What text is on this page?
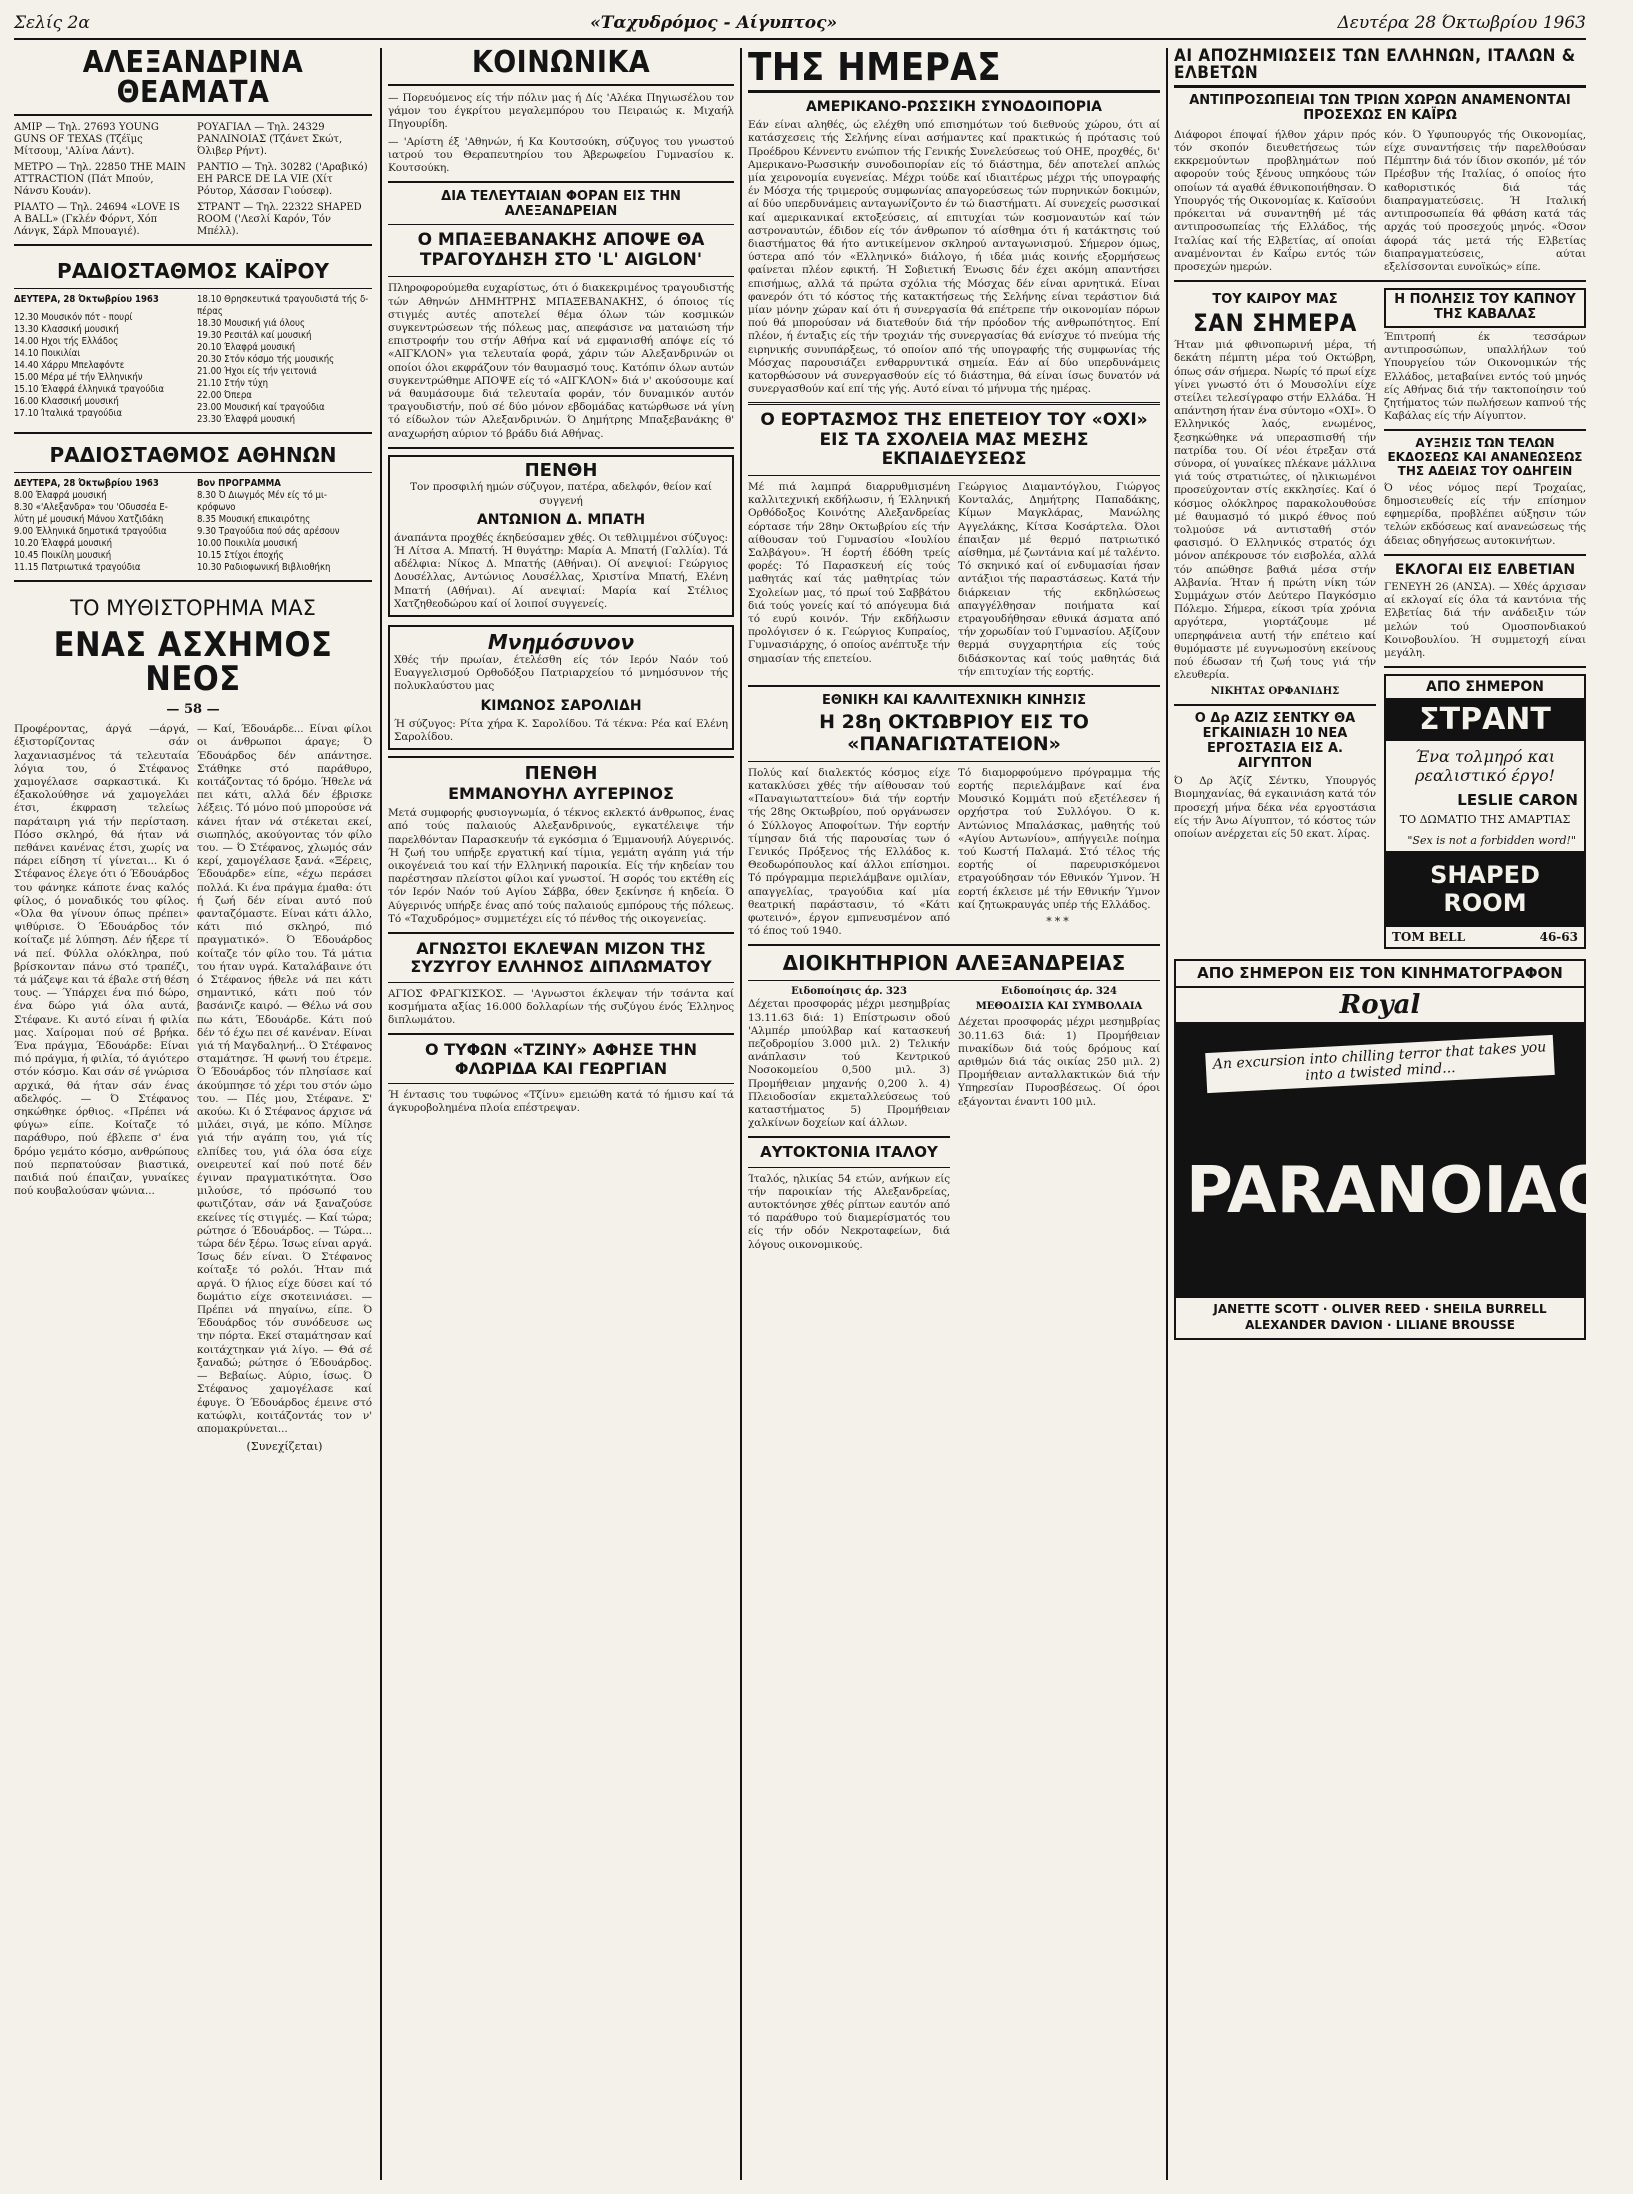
Σελίς 2α	«Ταχυδρόμος - Αίγυπτος»	Δευτέρα 28 Όκτωβρίου 1963
ΑΛΕΞΑΝΔΡΙΝΑ ΘΕΑΜΑΤΑ
ΑΜΙΡ — Τηλ. 27693 YOUNG GUNS OF TEXAS (Τζέϊμς Μίτσουμ, 'Αλίνα Λάντ).
ΜΕΤΡΟ — Τηλ. 22850 THE MAIN ATTRACTION (Πάτ Μπούν, Νάνσυ Κουάν).
ΡΙΑΛΤΟ — Τηλ. 24694 «LOVE IS A BALL» (Γκλέν Φόρντ, Χόπ Λάνγκ, Σάρλ Μπουαγιέ).
ΡΟΥΑΓΙΑΛ — Τηλ. 24329 ΡΑΝΛΙΝΟΙΑΣ (Τζάνετ Σκώτ, Όλιβερ Ρήντ).
ΡΑΝΤΙΟ — Τηλ. 30282 ('Αραβικό) ΕΗ PARCE DE LA VIE (Χίτ Ρόυτορ, Χάσσαν Γιούσεφ).
ΣΤΡΑΝΤ — Τηλ. 22322 SHAPED ROOM ('Λεσλί Καρόν, Τόν Μπέλλ).
ΡΑΔΙΟΣΤΑΘΜΟΣ ΚΑΪΡΟΥ
ΔΕΥΤΕΡΑ, 28 Όκτωβρίου 1963
12.30 Μουσικόν πότ - πουρί
13.30 Κλασσική μουσική
14.00 Ηχοι τής Ελλάδος
14.10 Ποικιλίαι
14.40 Χάρρυ Μπελαφόντε
15.00 Μέρα μέ τήν Έλληνικήν
15.10 Έλαφρά έλληνικά τραγούδια
16.00 Κλασσική μουσική
17.10 Ίταλικά τραγούδια
18.10 Θρησκευτικά τραγουδιστά τής δ-
πέρας
18.30 Μουσική γιά όλους
19.30 Ρεσιτάλ καί μουσική
20.10 Έλαφρά μουσική
20.30 Στόν κόσμο τής μουσικής
21.00 Ήχοι είς τήν γειτονιά
21.10 Στήν τύχη
22.00 Όπερα
23.00 Μουσική καί τραγούδια
23.30 Έλαφρά μουσική
ΡΑΔΙΟΣΤΑΘΜΟΣ ΑΘΗΝΩΝ
ΔΕΥΤΕΡΑ, 28 Όκτωβρίου 1963
8.00 Έλαφρά μουσική
8.30 «'Αλεξανδρα» του 'Οδυσσέα Ε-
λύτη μέ μουσική Μάνου Χατζιδάκη
9.00 Έλληνικά δημοτικά τραγούδια
10.20 Έλαφρά μουσική
10.45 Ποικίλη μουσική
11.15 Πατριωτικά τραγούδια
Βον ΠΡΟΓΡΑΜΜΑ
8.30 Ό Διωγμός Μέν είς τό μι-
κρόφωνο
8.35 Μουσική επικαιρότης
9.30 Τραγούδια πού σάς αρέσουν
10.00 Ποικιλία μουσική
10.15 Στίχοι έποχής
10.30 Ραδιοφωνική Βιβλιοθήκη
ΤΟ ΜΥΘΙΣΤΟΡΗΜΑ ΜΑΣ
ΕΝΑΣ ΑΣΧΗΜΟΣ ΝΕΟΣ
— 58 —
Προφέροντας, άργά —άργά, έξιστορίζοντας σάν λαχανιασμένος τά τελευταία λόγια του, ό Στέφανος χαμογέλασε σαρκαστικά. Κι έξακολούθησε νά χαμογελάει έτσι, έκφραση τελείως παράταιρη γιά τήν περίσταση. Πόσο σκληρό, θά ήταν νά πεθάνει κανένας έτσι, χωρίς να πάρει είδηση τί γίνεται... Κι ό Στέφανος έλεγε ότι ό Έδουάρδος του φάνηκε κάποτε ένας καλός φίλος, ό μοναδικός του φίλος. «Όλα θα γίνουν όπως πρέπει» ψιθύρισε. Ό Έδουάρδος τόν κοίταζε μέ λύπηση. Δέν ήξερε τί νά πεί. Φύλλα ολόκληρα, πού βρίσκονταν πάνω στό τραπέζι, τά μάζεψε και τά έβαλε στή θέση τους. — Ύπάρχει ένα πιό δώρο, ένα δώρο γιά όλα αυτά, Στέφανε. Κι αυτό είναι ή φιλία μας. Χαίρομαι πού σέ βρήκα. Ένα πράγμα, Έδουάρδε: Είναι πιό πράγμα, ή φιλία, τό άγιότερο στόν κόσμο. Και σάν σέ γνώρισα αρχικά, θά ήταν σάν ένας αδελφός. — Ό Στέφανος σηκώθηκε όρθιος. «Πρέπει νά φύγω» είπε. Κοίταζε τό παράθυρο, πού έβλεπε σ' ένα δρόμο γεμάτο κόσμο, ανθρώπους πού περπατούσαν βιαστικά, παιδιά πού έπαιζαν, γυναίκες πού κουβαλούσαν ψώνια...
— Καί, Έδουάρδε... Είναι φίλοι οι άνθρωποι άραγε; Ό Έδουάρδος δέν απάντησε. Στάθηκε στό παράθυρο, κοιτάζοντας τό δρόμο. Ήθελε νά πει κάτι, αλλά δέν έβρισκε λέξεις. Τό μόνο πού μπορούσε νά κάνει ήταν νά στέκεται εκεί, σιωπηλός, ακούγοντας τόν φίλο του. — Ό Στέφανος, χλωμός σάν κερί, χαμογέλασε ξανά. «Ξέρεις, Έδουάρδε» είπε, «έχω περάσει πολλά. Κι ένα πράγμα έμαθα: ότι ή ζωή δέν είναι αυτό πού φανταζόμαστε. Είναι κάτι άλλο, κάτι πιό σκληρό, πιό πραγματικό». Ό Έδουάρδος κοίταζε τόν φίλο του. Τά μάτια του ήταν υγρά. Καταλάβαινε ότι ό Στέφανος ήθελε νά πει κάτι σημαντικό, κάτι πού τόν βασάνιζε καιρό. — Θέλω νά σου πω κάτι, Έδουάρδε. Κάτι πού δέν τό έχω πει σέ κανέναν. Είναι γιά τή Μαγδαληνή... Ό Στέφανος σταμάτησε. Ή φωνή του έτρεμε. Ό Έδουάρδος τόν πλησίασε καί άκούμπησε τό χέρι του στόν ώμο του. — Πές μου, Στέφανε. Σ' ακούω. Κι ό Στέφανος άρχισε νά μιλάει, σιγά, με κόπο. Μίλησε γιά τήν αγάπη του, γιά τίς ελπίδες του, γιά όλα όσα είχε ονειρευτεί καί πού ποτέ δέν έγιναν πραγματικότητα. Όσο μιλούσε, τό πρόσωπό του φωτιζόταν, σάν νά ξαναζούσε εκείνες τίς στιγμές. — Καί τώρα; ρώτησε ό Έδουάρδος. — Τώρα... τώρα δέν ξέρω. Ίσως είναι αργά. Ίσως δέν είναι. Ό Στέφανος κοίταξε τό ρολόι. Ήταν πιά αργά. Ό ήλιος είχε δύσει καί τό δωμάτιο είχε σκοτεινιάσει. — Πρέπει νά πηγαίνω, είπε. Ό Έδουάρδος τόν συνόδευσε ως την πόρτα. Εκεί σταμάτησαν καί κοιτάχτηκαν γιά λίγο. — Θά σέ ξαναδώ; ρώτησε ό Έδουάρδος. — Βεβαίως. Αύριο, ίσως. Ό Στέφανος χαμογέλασε καί έφυγε. Ό Έδουάρδος έμεινε στό κατώφλι, κοιτάζοντάς τον ν' απομακρύνεται...
(Συνεχίζεται)
ΚΟΙΝΩΝΙΚΑ
— Πορευόμενος είς τήν πόλιν μας ή Δίς 'Αλέκα Πηγιωσέλου τον γάμον του έγκρίτου μεγαλεμπόρου του Πειραιώς κ. Μιχαήλ Πηγουρίδη.
— 'Αρίστη έξ 'Αθηνών, ή Κα Κουτσούκη, σύζυγος του γνωστού ιατρού του Θεραπευτηρίου του Άβερωφείου Γυμνασίου κ. Κουτσούκη.
ΔΙΑ ΤΕΛΕΥΤΑΙΑΝ ΦΟΡΑΝ ΕΙΣ ΤΗΝ ΑΛΕΞΑΝΔΡΕΙΑΝ
Ο ΜΠΑΞΕΒΑΝΑΚΗΣ ΑΠΟΨΕ ΘΑ ΤΡΑΓΟΥΔΗΣΗ ΣΤΟ 'L' AIGLON'
Πληροφορούμεθα ευχαρίστως, ότι ό διακεκριμένος τραγουδιστής τών Αθηνών ΔΗΜΗΤΡΗΣ ΜΠΑΞΕΒΑΝΑΚΗΣ, ό όποιος τίς στιγμές αυτές αποτελεί θέμα όλων τών κοσμικών συγκεντρώσεων τής πόλεως μας, απεφάσισε να ματαιώση τήν επιστροφήν του στήν Αθήνα καί νά εμφανισθή απόψε είς τό «ΑΙΓΚΛΟΝ» για τελευταία φορά, χάριν τών Αλεξανδρινών οι οποίοι όλοι εκφράζουν τόν θαυμασμό τους. Κατόπιν όλων αυτών συγκεντρώθημε ΑΠΟΨΕ είς τό «ΑΙΓΚΛΟΝ» διά ν' ακούσουμε καί νά θαυμάσουμε διά τελευταία φοράν, τόν δυναμικόν αυτόν τραγουδιστήν, πού σέ δύο μόνον εβδομάδας κατώρθωσε νά γίνη τό είδωλον τών Αλεξανδρινών. Ό Δημήτρης Μπαξεβανάκης θ' αναχωρήση αύριον τό βράδυ διά Αθήνας.
ΠΕΝΘΗ
Τον προσφιλή ημών σύζυγον, πατέρα, αδελφόν, θείον καί συγγενή
ΑΝΤΩΝΙΟΝ Δ. ΜΠΑΤΗ
άναπάντα προχθές έκηδεύσαμεν χθές. Οι τεθλιμμένοι σύζυγος: Ή Λίτσα Α. Μπατή. Ή θυγάτηρ: Μαρία Α. Μπατή (Γαλλία). Τά αδέλφια: Νίκος Δ. Μπατής (Αθήναι). Οί ανεψιοί: Γεώργιος Δουσέλλας, Αντώνιος Λουσέλλας, Χριστίνα Μπατή, Ελένη Μπατή (Αθήναι). Αί ανεψιαί: Μαρία καί Στέλιος Χατζηθεοδώρου καί οί λοιποί συγγενείς.
Μνημόσυνον
Χθές τήν πρωίαν, έτελέσθη είς τόν Ιερόν Ναόν τού Ευαγγελισμού Ορθοδόξου Πατριαρχείου τό μνημόσυνον τής πολυκλαύστου μας
ΚΙΜΩΝΟΣ ΣΑΡΟΛΙΔΗ
Ή σύζυγος: Ρίτα χήρα Κ. Σαρολίδου. Τά τέκνα: Ρέα καί Ελένη Σαρολίδου.
ΠΕΝΘΗ
ΕΜΜΑΝΟΥΗΛ ΑΥΓΕΡΙΝΟΣ
Μετά συμφορής φυσιογνωμία, ό τέκνος εκλεκτό άνθρωπος, ένας από τούς παλαιούς Αλεξανδρινούς, εγκατέλειψε τήν παρελθόνταν Παρασκευήν τά εγκόσμια ό Έμμανουήλ Αύγερινός. Ή ζωή του υπήρξε εργατική καί τίμια, γεμάτη αγάπη γιά τήν οικογένειά του καί τήν Ελληνική παροικία. Είς τήν κηδείαν του παρέστησαν πλείστοι φίλοι καί γνωστοί. Ή σορός του εκτέθη είς τόν Ιερόν Ναόν τού Αγίου Σάββα, όθεν ξεκίνησε ή κηδεία. Ό Αύγερινός υπήρξε ένας από τούς παλαιούς εμπόρους τής πόλεως. Τό «Ταχυδρόμος» συμμετέχει είς τό πένθος τής οικογενείας.
ΑΓΝΩΣΤΟΙ ΕΚΛΕΨΑΝ ΜΙΖΟΝ ΤΗΣ ΣΥΖΥΓΟΥ ΕΛΛΗΝΟΣ ΔΙΠΛΩΜΑΤΟΥ
ΑΓΙΟΣ ΦΡΑΓΚΙΣΚΟΣ. — 'Αγνωστοι έκλεψαν τήν τσάντα καί κοσμήματα αξίας 16.000 δολλαρίων τής συζύγου ένός Έλληνος διπλωμάτου.
Ο ΤΥΦΩΝ «ΤΖΙΝΥ» ΑΦΗΣΕ ΤΗΝ ΦΛΩΡΙΔΑ ΚΑΙ ΓΕΩΡΓΙΑΝ
Ή έντασις του τυφώνος «Τζίνυ» εμειώθη κατά τό ήμισυ καί τά άγκυροβολημένα πλοία επέστρεψαν.
ΤΗΣ ΗΜΕΡΑΣ
ΑΜΕΡΙΚΑΝΟ-ΡΩΣΣΙΚΗ ΣΥΝΟΔΟΙΠΟΡΙΑ
Εάν είναι αληθές, ώς ελέχθη υπό επισημότων τού διεθνούς χώρου, ότι αί κατάσχεσεις τής Σελήνης είναι ασήμαντες καί πρακτικώς ή πρότασις τού Προέδρου Κέννεντυ ενώπιον τής Γενικής Συνελεύσεως τού ΟΗΕ, προχθές, δι' Αμερικανο-Ρωσσικήν συνοδοιπορίαν είς τό διάστημα, δέν αποτελεί απλώς μία χειρονομία ευγενείας. Μέχρι τούδε καί ιδιαιτέρως μέχρι τής υπογραφής έν Μόσχα τής τριμερούς συμφωνίας απαγορεύσεως τών πυρηνικών δοκιμών, αί δύο υπερδυνάμεις ανταγωνίζοντο έν τώ διαστήματι. Αί συνεχείς ρωσσικαί καί αμερικανικαί εκτοξεύσεις, αί επιτυχίαι τών κοσμοναυτών καί τών αστροναυτών, έδιδον είς τόν άνθρωπον τό αίσθημα ότι ή κατάκτησις τού διαστήματος θά ήτο αντικείμενον σκληρού ανταγωνισμού. Σήμερον όμως, ύστερα από τόν «Ελληνικό» διάλογο, ή ιδέα μιάς κοινής εξορμήσεως φαίνεται πλέον εφικτή. Ή Σοβιετική Ένωσις δέν έχει ακόμη απαντήσει επισήμως, αλλά τά πρώτα σχόλια τής Μόσχας δέν είναι αρνητικά. Είναι φανερόν ότι τό κόστος τής κατακτήσεως τής Σελήνης είναι τεράστιον διά μίαν μόνην χώραν καί ότι ή συνεργασία θά επέτρεπε τήν οικονομίαν πόρων πού θά μπορούσαν νά διατεθούν διά τήν πρόοδον τής ανθρωπότητος. Επί πλέον, ή ένταξις είς τήν τροχιάν τής συνεργασίας θά ενίσχυε τό πνεύμα τής ειρηνικής συνυπάρξεως, τό οποίον από τής υπογραφής τής συμφωνίας τής Μόσχας παρουσιάζει ενθαρρυντικά σημεία. Εάν αί δύο υπερδυνάμεις κατορθώσουν νά συνεργασθούν είς τό διάστημα, θά είναι ίσως δυνατόν νά συνεργασθούν καί επί τής γής. Αυτό είναι τό μήνυμα τής ημέρας.
Ο ΕΟΡΤΑΣΜΟΣ ΤΗΣ ΕΠΕΤΕΙΟΥ ΤΟΥ «ΟΧΙ» ΕΙΣ ΤΑ ΣΧΟΛΕΙΑ ΜΑΣ ΜΕΣΗΣ ΕΚΠΑΙΔΕΥΣΕΩΣ
Μέ πιά λαμπρά διαρρυθμισμένη καλλιτεχνική εκδήλωσιν, ή Έλληνική Ορθόδοξος Κοινότης Αλεξανδρείας εόρτασε τήν 28ην Οκτωβρίου είς τήν αίθουσαν τού Γυμνασίου «Ιουλίου Σαλβάγου». Ή έορτή έδόθη τρείς φορές: Τό Παρασκευή είς τούς μαθητάς καί τάς μαθητρίας τών Σχολείων μας, τό πρωί τού Σαββάτου διά τούς γονείς καί τό απόγευμα διά τό ευρύ κοινόν. Τήν εκδήλωσιν προλόγισεν ό κ. Γεώργιος Κυπραίος, Γυμνασιάρχης, ό οποίος ανέπτυξε τήν σημασίαν τής επετείου.
Γεώργιος Διαμαντόγλου, Γιώργος Κονταλάς, Δημήτρης Παπαδάκης, Κίμων Μαγκλάρας, Μανώλης Αγγελάκης, Κίτσα Κοσάρτελα. Όλοι έπαιξαν μέ θερμό πατριωτικό αίσθημα, μέ ζωντάνια καί μέ ταλέντο. Τό σκηνικό καί οί ενδυμασίαι ήσαν αντάξιοι τής παραστάσεως. Κατά τήν διάρκειαν τής εκδηλώσεως απαγγέλθησαν ποιήματα καί ετραγουδήθησαν εθνικά άσματα από τήν χορωδίαν τού Γυμνασίου. Αξίζουν θερμά συγχαρητήρια είς τούς διδάσκοντας καί τούς μαθητάς διά τήν επιτυχίαν τής εορτής.
ΕΘΝΙΚΗ ΚΑΙ ΚΑΛΛΙΤΕΧΝΙΚΗ ΚΙΝΗΣΙΣ
Η 28η ΟΚΤΩΒΡΙΟΥ ΕΙΣ ΤΟ «ΠΑΝΑΓΙΩΤΑΤΕΙΟΝ»
Πολύς καί διαλεκτός κόσμος είχε κατακλύσει χθές τήν αίθουσαν τού «Παναγιωταττείου» διά τήν εορτήν τής 28ης Οκτωβρίου, πού οργάνωσεν ό Σύλλογος Αποφοίτων. Τήν εορτήν τίμησαν διά τής παρουσίας των ό Γενικός Πρόξενος τής Ελλάδος κ. Θεοδωρόπουλος καί άλλοι επίσημοι. Τό πρόγραμμα περιελάμβανε ομιλίαν, απαγγελίας, τραγούδια καί μία θεατρική παράστασιν, τό «Κάτι φωτεινό», έργον εμπνευσμένον από τό έπος τού 1940.
Τό διαμορφούμενο πρόγραμμα τής εορτής περιελάμβανε καί ένα Μουσικό Κομμάτι πού εξετέλεσεν ή ορχήστρα τού Συλλόγου. Ό κ. Αντώνιος Μπαλάσκας, μαθητής τού «Αγίου Αντωνίου», απήγγειλε ποίημα τού Κωστή Παλαμά. Στό τέλος τής εορτής οί παρευρισκόμενοι ετραγούδησαν τόν Εθνικόν Ύμνον. Ή εορτή έκλεισε μέ τήν Εθνικήν Ύμνον καί ζητωκραυγάς υπέρ τής Ελλάδος.
***
ΔΙΟΙΚΗΤΗΡΙΟΝ ΑΛΕΞΑΝΔΡΕΙΑΣ
Ειδοποίησις άρ. 323
Δέχεται προσφοράς μέχρι μεσημβρίας 13.11.63 διά: 1) Επίστρωσιν οδού 'Αλμπέρ μπούλβαρ καί κατασκευή πεζοδρομίου 3.000 μιλ. 2) Τελικήν ανάπλασιν τού Κεντρικού Νοσοκομείου 0,500 μιλ. 3) Προμήθειαν μηχανής 0,200 λ. 4) Πλειοδοσίαν εκμεταλλεύσεως τού καταστήματος 5) Προμήθειαν χαλκίνων δοχείων καί άλλων.
ΑΥΤΟΚΤΟΝΙΑ ΙΤΑΛΟΥ
Ίταλός, ηλικίας 54 ετών, ανήκων είς τήν παροικίαν τής Αλεξανδρείας, αυτοκτόνησε χθές ρίπτων εαυτόν από τό παράθυρο τού διαμερίσματός του είς τήν οδόν Νεκροταφείων, διά λόγους οικονομικούς.
Ειδοποίησις άρ. 324
ΜΕΘΟΔΙΣΙΑ ΚΑΙ ΣΥΜΒΟΛΑΙΑ
Δέχεται προσφοράς μέχρι μεσημβρίας 30.11.63 διά: 1) Προμήθειαν πινακίδων διά τούς δρόμους καί αριθμών διά τάς οικίας 250 μιλ. 2) Προμήθειαν ανταλλακτικών διά τήν Υπηρεσίαν Πυροσβέσεως. Οί όροι εξάγονται έναντι 100 μιλ.
ΑΙ ΑΠΟΖΗΜΙΩΣΕΙΣ ΤΩΝ ΕΛΛΗΝΩΝ, ΙΤΑΛΩΝ & ΕΛΒΕΤΩΝ
ΑΝΤΙΠΡΟΣΩΠΕΙΑΙ ΤΩΝ ΤΡΙΩΝ ΧΩΡΩΝ ΑΝΑΜΕΝΟΝΤΑΙ ΠΡΟΣΕΧΩΣ ΕΝ ΚΑΪΡΩ
Διάφοροι έποψαί ήλθον χάριν πρός τόν σκοπόν διευθετήσεως τών εκκρεμούντων προβλημάτων πού αφορούν τούς ξένους υπηκόους τών οποίων τά αγαθά έθνικοποιήθησαν. Ό Υπουργός τής Οικονομίας κ. Καϊσούνι πρόκειται νά συναντηθή μέ τάς αντιπροσωπείας τής Ελλάδος, τής Ιταλίας καί τής Ελβετίας, αί οποίαι αναμένονται έν Καΐρω εντός τών προσεχών ημερών.
κόν. Ό Υφυπουργός τής Οικονομίας, είχε συναντήσεις τήν παρελθούσαν Πέμπτην διά τόν ίδιον σκοπόν, μέ τόν Πρέσβυν τής Ιταλίας, ό οποίος ήτο καθοριστικός διά τάς διαπραγματεύσεις. Ή Ιταλική αντιπροσωπεία θά φθάση κατά τάς αρχάς τού προσεχούς μηνός. «Όσον άφορά τάς μετά τής Ελβετίας διαπραγματεύσεις, αύται εξελίσσονται ευνοϊκώς» είπε.
ΤΟΥ ΚΑΙΡΟΥ ΜΑΣ
ΣΑΝ ΣΗΜΕΡΑ
Ήταν μιά φθινοπωρινή μέρα, τή δεκάτη πέμπτη μέρα τού Οκτώβρη, όπως σάν σήμερα. Νωρίς τό πρωί είχε γίνει γνωστό ότι ό Μουσολίνι είχε στείλει τελεσίγραφο στήν Ελλάδα. Ή απάντηση ήταν ένα σύντομο «ΟΧΙ». Ό Ελληνικός λαός, ενωμένος, ξεσηκώθηκε νά υπερασπισθή τήν πατρίδα του. Οί νέοι έτρεξαν στά σύνορα, οί γυναίκες πλέκανε μάλλινα γιά τούς στρατιώτες, οί ηλικιωμένοι προσεύχονταν στίς εκκλησίες. Καί ό κόσμος ολόκληρος παρακολουθούσε μέ θαυμασμό τό μικρό έθνος πού τολμούσε νά αντισταθή στόν φασισμό. Ό Ελληνικός στρατός όχι μόνον απέκρουσε τόν εισβολέα, αλλά τόν απώθησε βαθιά μέσα στήν Αλβανία. Ήταν ή πρώτη νίκη τών Συμμάχων στόν Δεύτερο Παγκόσμιο Πόλεμο. Σήμερα, είκοσι τρία χρόνια αργότερα, γιορτάζουμε μέ υπερηφάνεια αυτή τήν επέτειο καί θυμόμαστε μέ ευγνωμοσύνη εκείνους πού έδωσαν τή ζωή τους γιά τήν ελευθερία.
ΝΙΚΗΤΑΣ ΟΡΦΑΝΙΔΗΣ
Ο Δρ ΑΖΙΖ ΣΕΝΤΚΥ ΘΑ ΕΓΚΑΙΝΙΑΣΗ 10 ΝΕΑ ΕΡΓΟΣΤΑΣΙΑ ΕΙΣ Α. ΑΙΓΥΠΤΟΝ
Ό Δρ Άζίζ Σέντκυ, Υπουργός Βιομηχανίας, θά εγκαινιάση κατά τόν προσεχή μήνα δέκα νέα εργοστάσια είς τήν Άνω Αίγυπτον, τό κόστος τών οποίων ανέρχεται είς 50 εκατ. λίρας.
Η ΠΟΛΗΣΙΣ ΤΟΥ ΚΑΠΝΟΥ ΤΗΣ ΚΑΒΑΛΑΣ
Έπιτροπή έκ τεσσάρων αντιπροσώπων, υπαλλήλων τού Υπουργείου τών Οικονομικών τής Ελλάδος, μεταβαίνει εντός τού μηνός είς Αθήνας διά τήν τακτοποίησιν τού ζητήματος τών πωλήσεων καπνού τής Καβάλας είς τήν Αίγυπτον.
ΑΥΞΗΣΙΣ ΤΩΝ ΤΕΛΩΝ ΕΚΔΟΣΕΩΣ ΚΑΙ ΑΝΑΝΕΩΣΕΩΣ ΤΗΣ ΑΔΕΙΑΣ ΤΟΥ ΟΔΗΓΕΙΝ
Ό νέος νόμος περί Τροχαίας, δημοσιευθείς είς τήν επίσημον εφημερίδα, προβλέπει αύξησιν τών τελών εκδόσεως καί ανανεώσεως τής άδειας οδηγήσεως αυτοκινήτων.
ΕΚΛΟΓΑΙ ΕΙΣ ΕΛΒΕΤΙΑΝ
ΓΕΝΕΥΗ 26 (ΑΝΣΑ). — Χθές άρχισαν αί εκλογαί είς όλα τά καντόνια τής Ελβετίας διά τήν ανάδειξιν τών μελών τού Ομοσπονδιακού Κοινοβουλίου. Ή συμμετοχή είναι μεγάλη.
ΑΠΟ ΣΗΜΕΡΟΝ
ΣΤΡΑΝΤ
Ένα τολμηρό και ρεαλιστικό έργο!
LESLIE CARON
ΤΟ ΔΩΜΑΤΙΟ ΤΗΣ ΑΜΑΡΤΙΑΣ
"Sex is not a forbidden word!"
SHAPED ROOM
TOM BELL	46-63
ΑΠΟ ΣΗΜΕΡΟΝ ΕΙΣ ΤΟΝ ΚΙΝΗΜΑΤΟΓΡΑΦΟΝ
Royal
An excursion into chilling terror that takes you into a twisted mind...
PARANOIAC!
JANETTE SCOTT · OLIVER REED · SHEILA BURRELL
ALEXANDER DAVION · LILIANE BROUSSE
